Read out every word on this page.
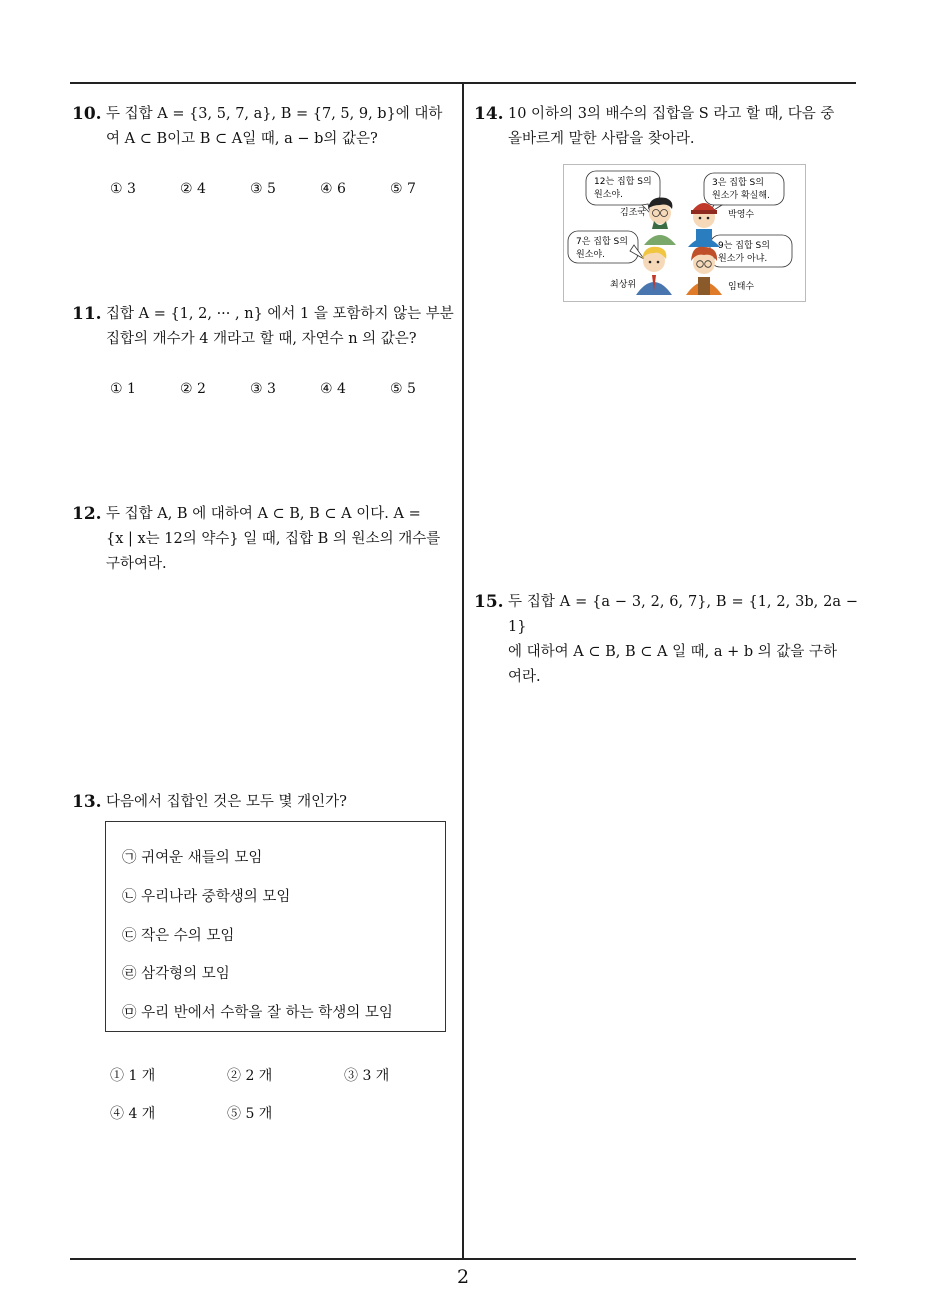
10. 두 집합 A = {3, 5, 7, a}, B = {7, 5, 9, b}에 대하
여 A ⊂ B이고 B ⊂ A일 때, a − b의 값은?
① 3	② 4	③ 5	④ 6	⑤ 7
11. 집합 A = {1, 2, ··· , n} 에서 1 을 포함하지 않는 부분
집합의 개수가 4 개라고 할 때, 자연수 n 의 값은?
① 1	② 2	③ 3	④ 4	⑤ 5
12. 두 집합 A, B 에 대하여 A ⊂ B, B ⊂ A 이다. A =
{x | x는 12의 약수} 일 때, 집합 B 의 원소의 개수를
구하여라.
13. 다음에서 집합인 것은 모두 몇 개인가?
㉠ 귀여운 새들의 모임
㉡ 우리나라 중학생의 모임
㉢ 작은 수의 모임
㉣ 삼각형의 모임
㉤ 우리 반에서 수학을 잘 하는 학생의 모임
① 1 개	② 2 개	③ 3 개
④ 4 개	⑤ 5 개
14. 10 이하의 3의 배수의 집합을 S 라고 할 때, 다음 중
올바르게 말한 사람을 찾아라.
12는 집합 S의
원소야.
3은 집합 S의
원소가 확실해.
7은 집합 S의
원소야.
9는 집합 S의
원소가 아냐.
김조국	박영수
최상위	임태수
15. 두 집합 A = {a − 3, 2, 6, 7}, B = {1, 2, 3b, 2a − 1}
에 대하여 A ⊂ B, B ⊂ A 일 때, a + b 의 값을 구하
여라.
2
